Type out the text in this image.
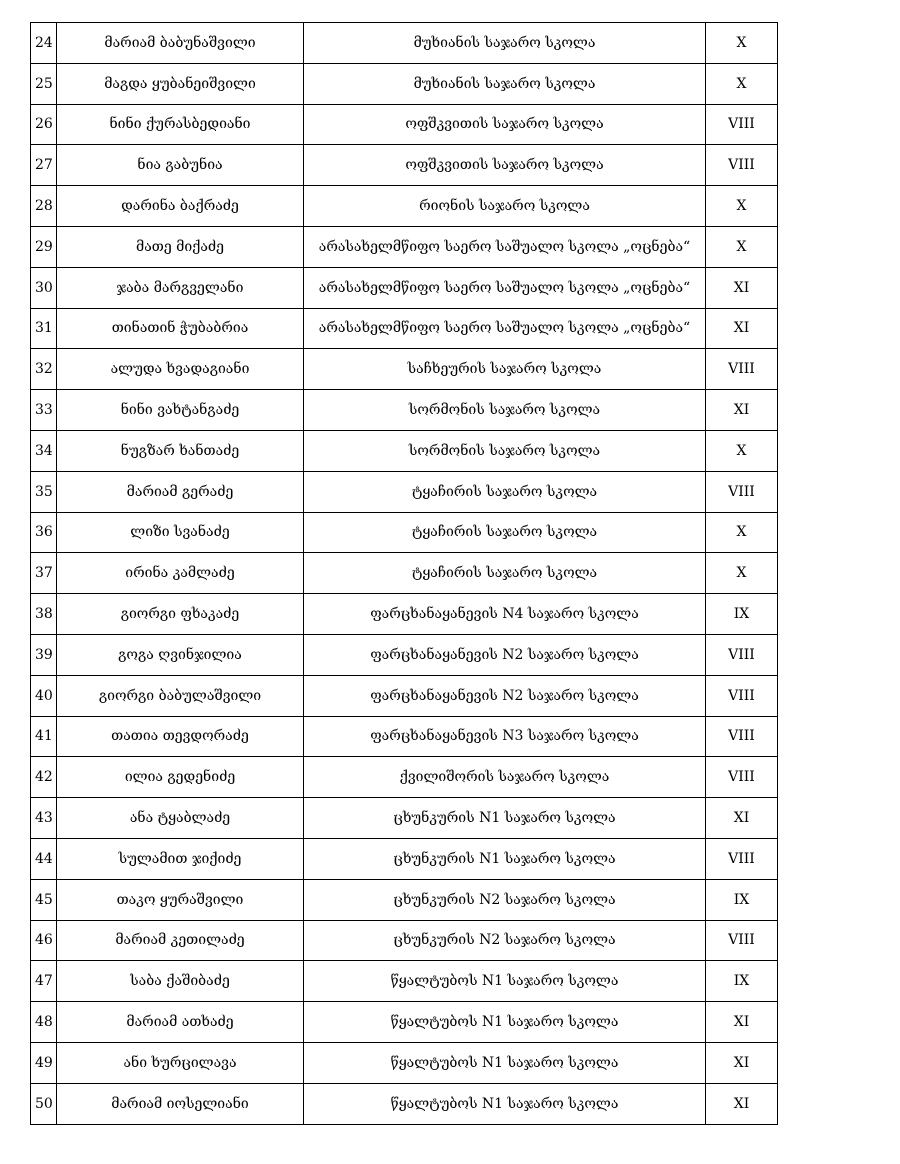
24	მარიამ ბაბუნაშვილი	მუხიანის საჯარო სკოლა	X
25	მაგდა ყუბანეიშვილი	მუხიანის საჯარო სკოლა	X
26	ნინი ქურასბედიანი	ოფშკვითის საჯარო სკოლა	VIII
27	ნია გაბუნია	ოფშკვითის საჯარო სკოლა	VIII
28	დარინა ბაქრაძე	რიონის საჯარო სკოლა	X
29	მათე მიქაძე	არასახელმწიფო საერო საშუალო სკოლა „ოცნება“	X
30	ჯაბა მარგველანი	არასახელმწიფო საერო საშუალო სკოლა „ოცნება“	XI
31	თინათინ ჭუბაბრია	არასახელმწიფო საერო საშუალო სკოლა „ოცნება“	XI
32	ალუდა ხვადაგიანი	საჩხეურის საჯარო სკოლა	VIII
33	ნინი ვახტანგაძე	სორმონის საჯარო სკოლა	XI
34	ნუგზარ ხანთაძე	სორმონის საჯარო სკოლა	X
35	მარიამ გერაძე	ტყაჩირის საჯარო სკოლა	VIII
36	ლიზი სვანაძე	ტყაჩირის საჯარო სკოლა	X
37	ირინა კამლაძე	ტყაჩირის საჯარო სკოლა	X
38	გიორგი ფხაკაძე	ფარცხანაყანევის N4 საჯარო სკოლა	IX
39	გოგა ღვინჯილია	ფარცხანაყანევის N2 საჯარო სკოლა	VIII
40	გიორგი ბაბულაშვილი	ფარცხანაყანევის N2 საჯარო სკოლა	VIII
41	თათია თევდორაძე	ფარცხანაყანევის N3 საჯარო სკოლა	VIII
42	ილია გედენიძე	ქვილიშორის საჯარო სკოლა	VIII
43	ანა ტყაბლაძე	ცხუნკურის N1 საჯარო სკოლა	XI
44	სულამით ჯიქიძე	ცხუნკურის N1 საჯარო სკოლა	VIII
45	თაკო ყურაშვილი	ცხუნკურის N2 საჯარო სკოლა	IX
46	მარიამ კეთილაძე	ცხუნკურის N2 საჯარო სკოლა	VIII
47	საბა ქაშიბაძე	წყალტუბოს N1 საჯარო სკოლა	IX
48	მარიამ ათხაძე	წყალტუბოს N1 საჯარო სკოლა	XI
49	ანი ხურცილავა	წყალტუბოს N1 საჯარო სკოლა	XI
50	მარიამ იოსელიანი	წყალტუბოს N1 საჯარო სკოლა	XI
